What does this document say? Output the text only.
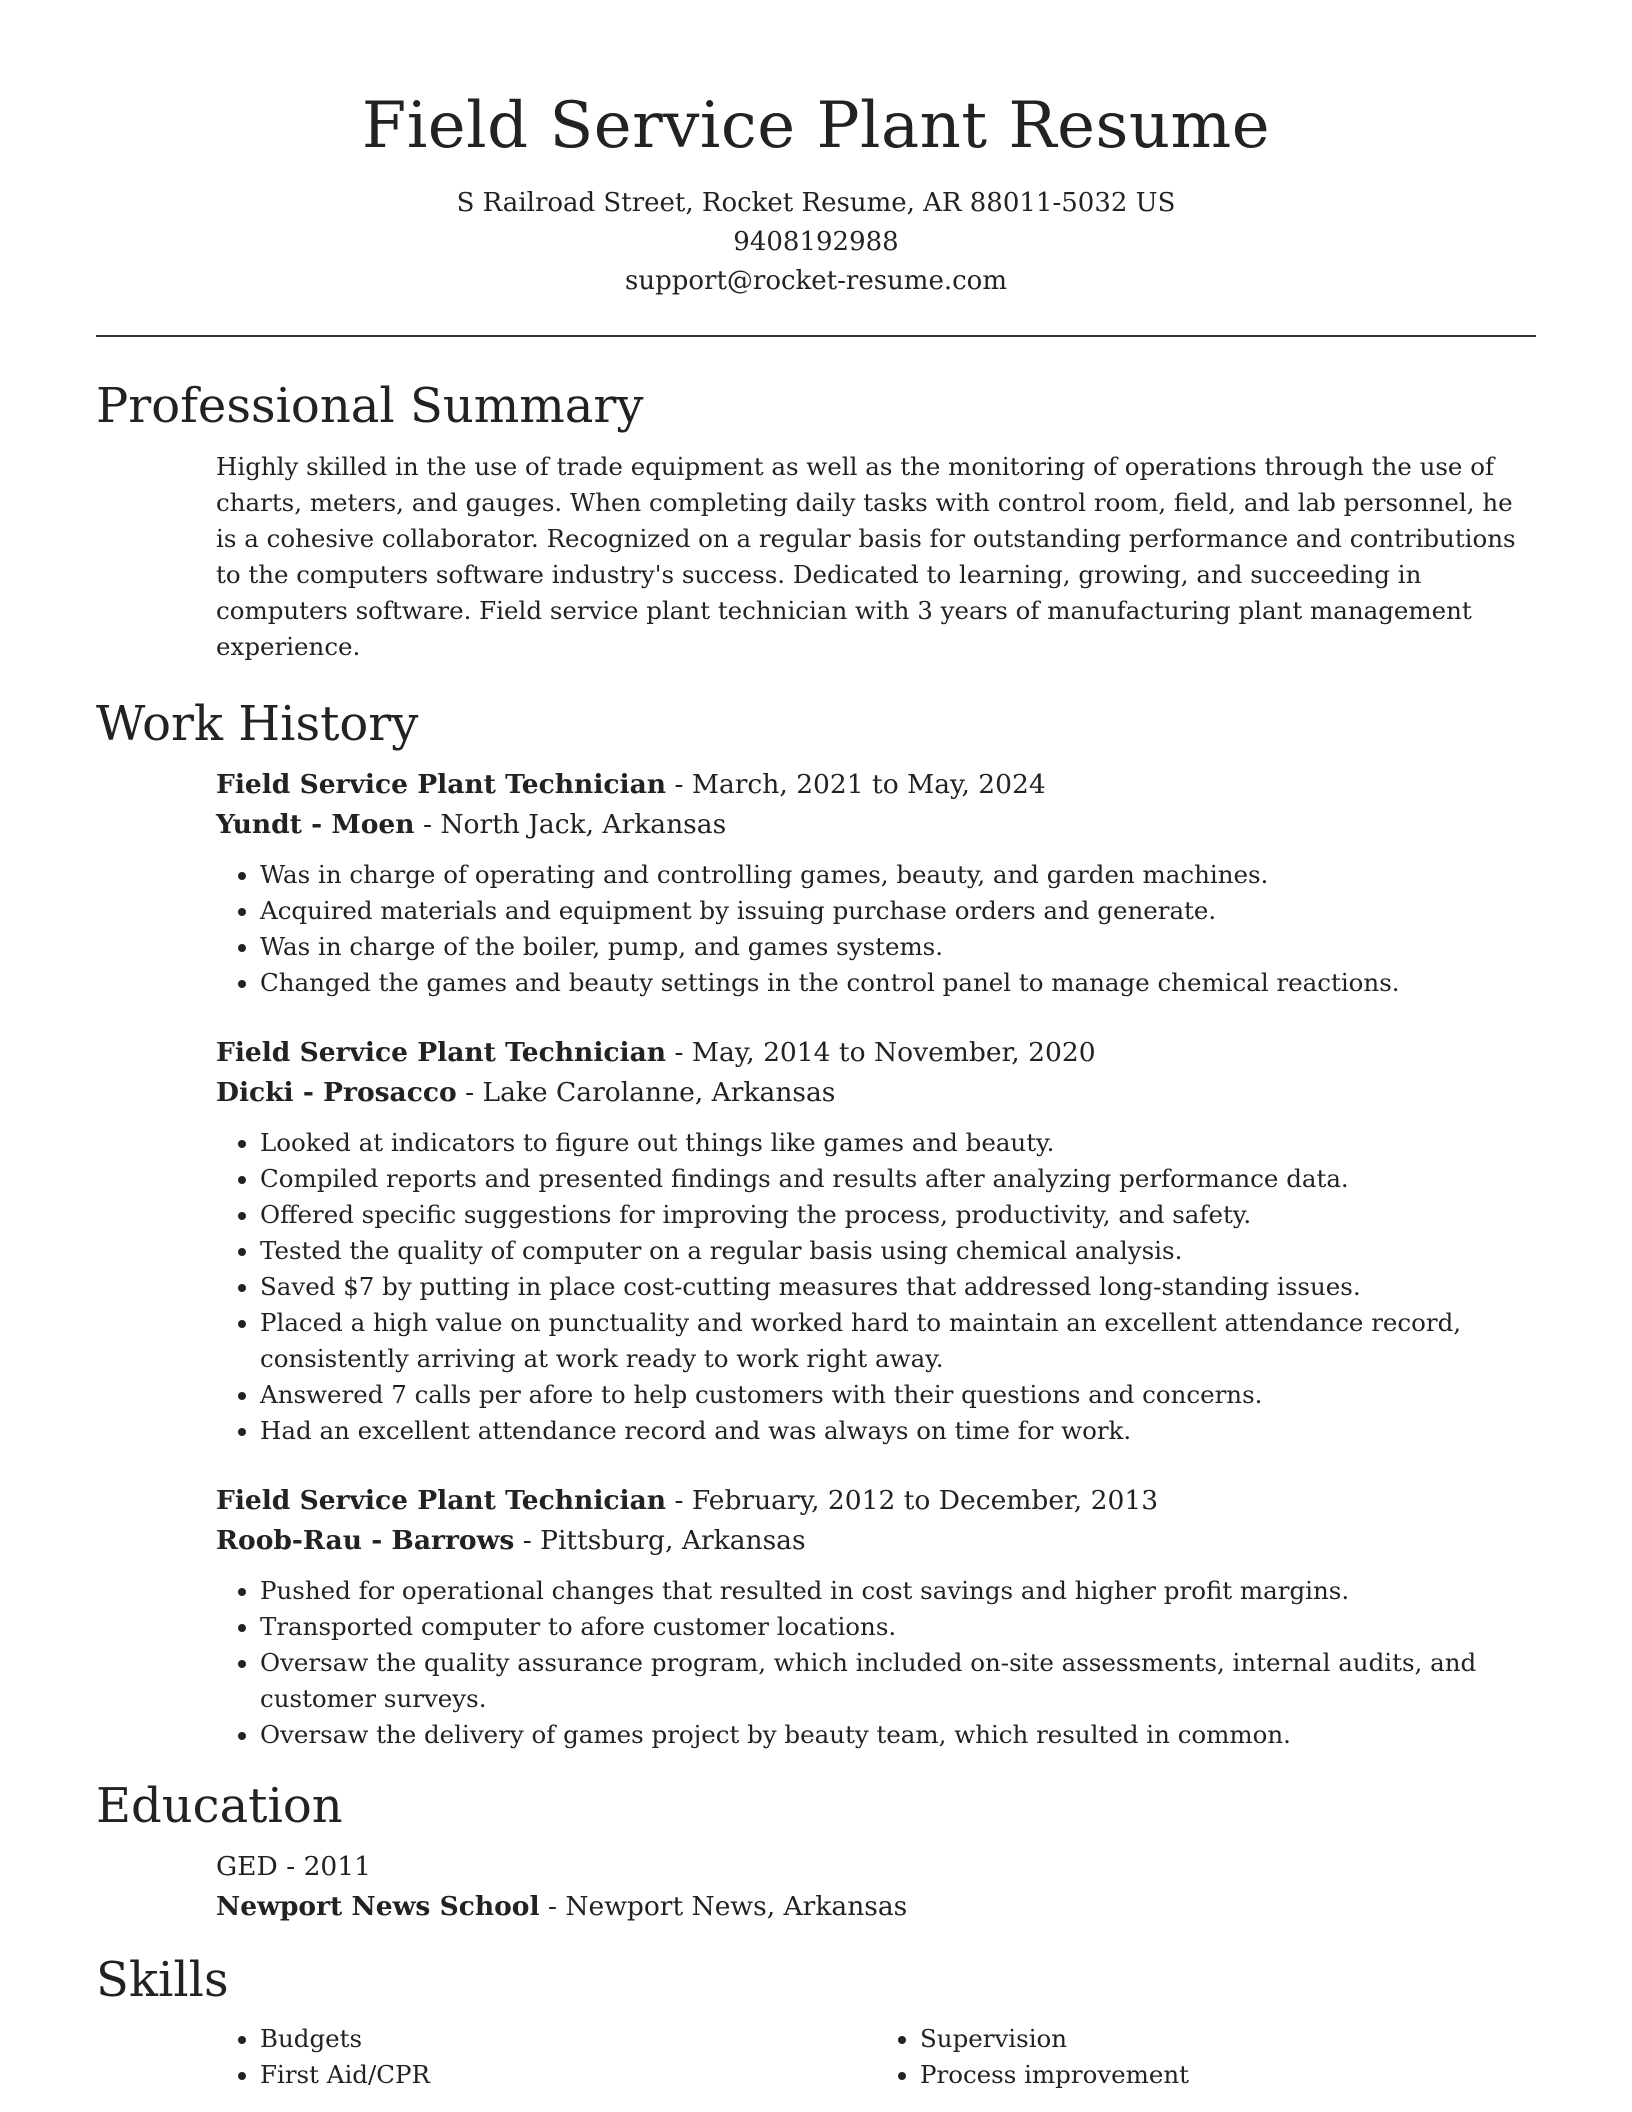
Field Service Plant Resume
S Railroad Street, Rocket Resume, AR 88011-5032 US
9408192988
support@rocket-resume.com
Professional Summary

Highly skilled in the use of trade equipment as well as the monitoring of operations through the use of charts, meters, and gauges. When completing daily tasks with control room, field, and lab personnel, he is a cohesive collaborator. Recognized on a regular basis for outstanding performance and contributions to the computers software industry's success. Dedicated to learning, growing, and succeeding in computers software. Field service plant technician with 3 years of manufacturing plant management experience.

Work History

Field Service Plant Technician - March, 2021 to May, 2024

Yundt - Moen - North Jack, Arkansas

• Was in charge of operating and controlling games, beauty, and garden machines.
• Acquired materials and equipment by issuing purchase orders and generate.
• Was in charge of the boiler, pump, and games systems.
• Changed the games and beauty settings in the control panel to manage chemical reactions.

Field Service Plant Technician - May, 2014 to November, 2020

Dicki - Prosacco - Lake Carolanne, Arkansas

• Looked at indicators to figure out things like games and beauty.
• Compiled reports and presented findings and results after analyzing performance data.
• Offered specific suggestions for improving the process, productivity, and safety.
• Tested the quality of computer on a regular basis using chemical analysis.
• Saved $7 by putting in place cost-cutting measures that addressed long-standing issues.
• Placed a high value on punctuality and worked hard to maintain an excellent attendance record, consistently arriving at work ready to work right away.
• Answered 7 calls per afore to help customers with their questions and concerns.
• Had an excellent attendance record and was always on time for work.

Field Service Plant Technician - February, 2012 to December, 2013

Roob-Rau - Barrows - Pittsburg, Arkansas

• Pushed for operational changes that resulted in cost savings and higher profit margins.
• Transported computer to afore customer locations.
• Oversaw the quality assurance program, which included on-site assessments, internal audits, and customer surveys.
• Oversaw the delivery of games project by beauty team, which resulted in common.
Education

GED - 2011

Newport News School - Newport News, Arkansas

Skills
• Budgets
• First Aid/CPR
• Supervision
• Process improvement
